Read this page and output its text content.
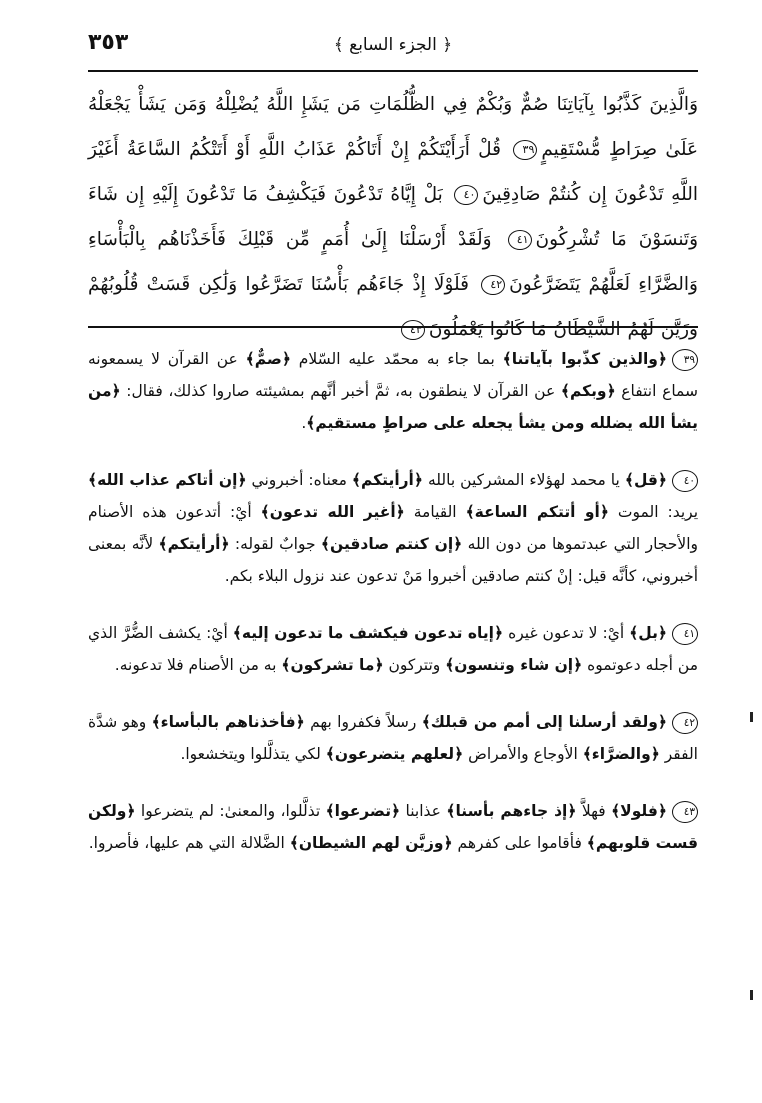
٣٥٣	﴿ الجزء السابع ﴾
وَالَّذِينَ كَذَّبُوا بِآيَاتِنَا صُمٌّ وَبُكْمٌ فِي الظُّلُمَاتِ مَن يَشَإِ اللَّهُ يُضْلِلْهُ وَمَن يَشَأْ يَجْعَلْهُ عَلَىٰ صِرَاطٍ مُّسْتَقِيمٍ٣٩ قُلْ أَرَأَيْتَكُمْ إِنْ أَتَاكُمْ عَذَابُ اللَّهِ أَوْ أَتَتْكُمُ السَّاعَةُ أَغَيْرَ اللَّهِ تَدْعُونَ إِن كُنتُمْ صَادِقِينَ٤٠ بَلْ إِيَّاهُ تَدْعُونَ فَيَكْشِفُ مَا تَدْعُونَ إِلَيْهِ إِن شَاءَ وَتَنسَوْنَ مَا تُشْرِكُونَ٤١ وَلَقَدْ أَرْسَلْنَا إِلَىٰ أُمَمٍ مِّن قَبْلِكَ فَأَخَذْنَاهُم بِالْبَأْسَاءِ وَالضَّرَّاءِ لَعَلَّهُمْ يَتَضَرَّعُونَ٤٢ فَلَوْلَا إِذْ جَاءَهُم بَأْسُنَا تَضَرَّعُوا وَلَٰكِن قَسَتْ قُلُوبُهُمْ وَزَيَّنَ لَهُمُ الشَّيْطَانُ مَا كَانُوا يَعْمَلُونَ٤٣

٣٩﴿والذين كذّبوا بآياتنا﴾ بما جاء به محمّد عليه السّلام ﴿صمٌّ﴾ عن القرآن لا يسمعونه سماع انتفاع ﴿وبكم﴾ عن القرآن لا ينطقون به، ثمَّ أخبر أنَّهم بمشيئته صاروا كذلك، فقال: ﴿من يشأ الله يضلله ومن يشأ يجعله على صراطٍ مستقيم﴾.

٤٠﴿قل﴾ يا محمد لهؤلاء المشركين بالله ﴿أرأيتكم﴾ معناه: أخبروني ﴿إن أتاكم عذاب الله﴾ يريد: الموت ﴿أو أتتكم الساعة﴾ القيامة ﴿أغير الله تدعون﴾ أيْ: أتدعون هذه الأصنام والأحجار التي عبدتموها من دون الله ﴿إن كنتم صادقين﴾ جوابٌ لقوله: ﴿أرأيتكم﴾ لأنَّه بمعنى أخبروني، كأنَّه قيل: إنْ كنتم صادقين أخبروا مَنْ تدعون عند نزول البلاء بكم.

٤١﴿بل﴾ أيْ: لا تدعون غيره ﴿إياه تدعون فيكشف ما تدعون إليه﴾ أيْ: يكشف الضُّرَّ الذي من أجله دعوتموه ﴿إن شاء وتنسون﴾ وتتركون ﴿ما تشركون﴾ به من الأصنام فلا تدعونه.

٤٢﴿ولقد أرسلنا إلى أمم من قبلك﴾ رسلاً فكفروا بهم ﴿فأخذناهم بالبأساء﴾ وهو شدَّة الفقر ﴿والضرَّاء﴾ الأوجاع والأمراض ﴿لعلهم يتضرعون﴾ لكي يتذلَّلوا ويتخشعوا.

٤٣﴿فلولا﴾ فهلاَّ ﴿إذ جاءهم بأسنا﴾ عذابنا ﴿تضرعوا﴾ تذلَّلوا، والمعنىٰ: لم يتضرعوا ﴿ولكن قست قلوبهم﴾ فأقاموا على كفرهم ﴿وزيَّن لهم الشيطان﴾ الضَّلالة التي هم عليها، فأصروا.
